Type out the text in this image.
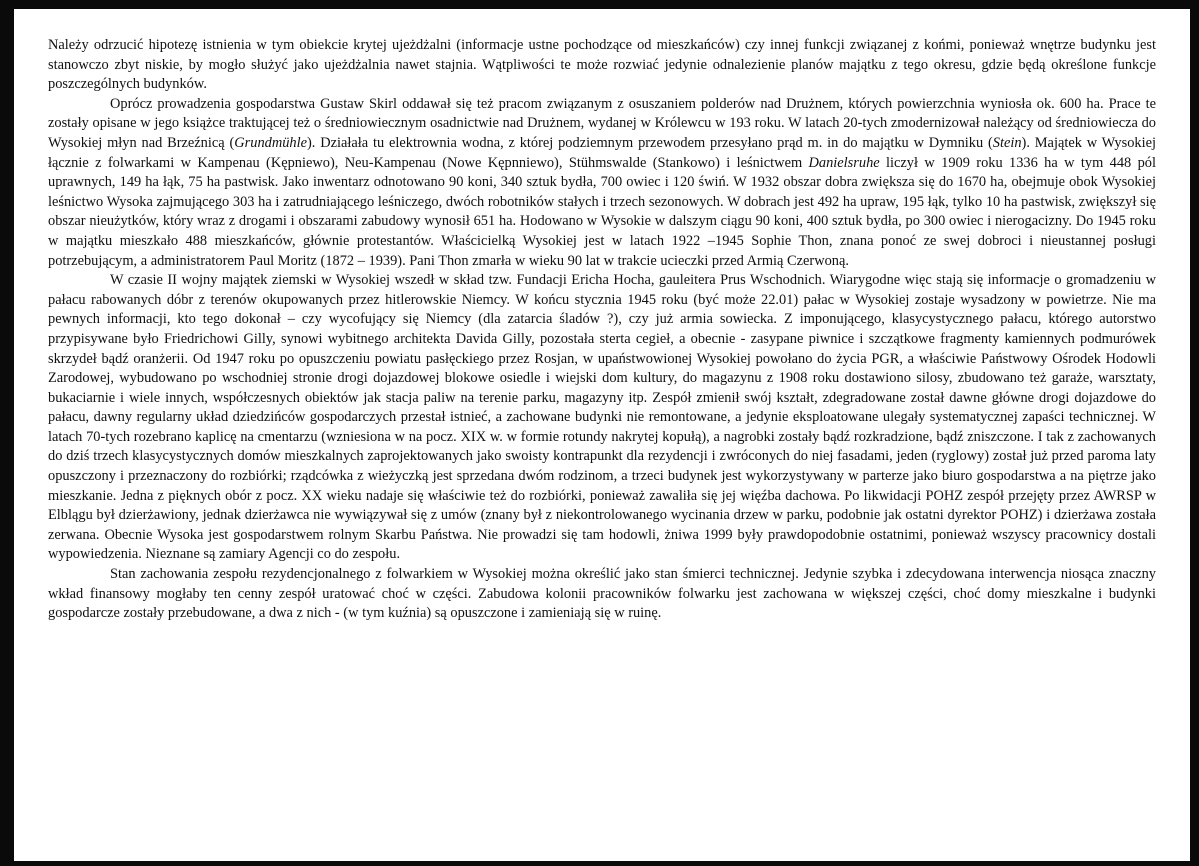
Należy odrzucić hipotezę istnienia w tym obiekcie krytej ujeżdżalni (informacje ustne pochodzące od mieszkańców) czy innej funkcji związanej z końmi, ponieważ wnętrze budynku jest stanowczo zbyt niskie, by mogło służyć jako ujeżdżalnia nawet stajnia. Wątpliwości te może rozwiać jedynie odnalezienie planów majątku z tego okresu, gdzie będą określone funkcje poszczególnych budynków.

Oprócz prowadzenia gospodarstwa Gustaw Skirl oddawał się też pracom związanym z osuszaniem polderów nad Drużnem, których powierzchnia wyniosła ok. 600 ha. Prace te zostały opisane w jego książce traktującej też o średniowiecznym osadnictwie nad Drużnem, wydanej w Królewcu w 193 roku. W latach 20-tych zmodernizował należący od średniowiecza do Wysokiej młyn nad Brzeźnicą (Grundmühle). Działała tu elektrownia wodna, z której podziemnym przewodem przesyłano prąd m. in do majątku w Dymniku (Stein). Majątek w Wysokiej łącznie z folwarkami w Kampenau (Kępniewo), Neu-Kampenau (Nowe Kępnniewo), Stühmswalde (Stankowo) i leśnictwem Danielsruhe liczył w 1909 roku 1336 ha w tym 448 pól uprawnych, 149 ha łąk, 75 ha pastwisk. Jako inwentarz odnotowano 90 koni, 340 sztuk bydła, 700 owiec i 120 świń. W 1932 obszar dobra zwiększa się do 1670 ha, obejmuje obok Wysokiej leśnictwo Wysoka zajmującego 303 ha i zatrudniającego leśniczego, dwóch robotników stałych i trzech sezonowych. W dobrach jest 492 ha upraw, 195 łąk, tylko 10 ha pastwisk, zwiększył się obszar nieużytków, który wraz z drogami i obszarami zabudowy wynosił 651 ha. Hodowano w Wysokie w dalszym ciągu 90 koni, 400 sztuk bydła, po 300 owiec i nierogacizny. Do 1945 roku w majątku mieszkało 488 mieszkańców, głównie protestantów. Właścicielką Wysokiej jest w latach 1922 –1945 Sophie Thon, znana ponoć ze swej dobroci i nieustannej posługi potrzebującym, a administratorem Paul Moritz (1872 – 1939). Pani Thon zmarła w wieku 90 lat w trakcie ucieczki przed Armią Czerwoną.

W czasie II wojny majątek ziemski w Wysokiej wszedł w skład tzw. Fundacji Ericha Hocha, gauleitera Prus Wschodnich. Wiarygodne więc stają się informacje o gromadzeniu w pałacu rabowanych dóbr z terenów okupowanych przez hitlerowskie Niemcy. W końcu stycznia 1945 roku (być może 22.01) pałac w Wysokiej zostaje wysadzony w powietrze. Nie ma pewnych informacji, kto tego dokonał – czy wycofujący się Niemcy (dla zatarcia śladów ?), czy już armia sowiecka. Z imponującego, klasycystycznego pałacu, którego autorstwo przypisywane było Friedrichowi Gilly, synowi wybitnego architekta Davida Gilly, pozostała sterta cegieł, a obecnie - zasypane piwnice i szczątkowe fragmenty kamiennych podmurówek skrzydeł bądź oranżerii. Od 1947 roku po opuszczeniu powiatu pasłęckiego przez Rosjan, w upaństwowionej Wysokiej powołano do życia PGR, a właściwie Państwowy Ośrodek Hodowli Zarodowej, wybudowano po wschodniej stronie drogi dojazdowej blokowe osiedle i wiejski dom kultury, do magazynu z 1908 roku dostawiono silosy, zbudowano też garaże, warsztaty, bukaciarnie i wiele innych, współczesnych obiektów jak stacja paliw na terenie parku, magazyny itp. Zespół zmienił swój kształt, zdegradowane został dawne główne drogi dojazdowe do pałacu, dawny regularny układ dziedzińców gospodarczych przestał istnieć, a zachowane budynki nie remontowane, a jedynie eksploatowane ulegały systematycznej zapaści technicznej. W latach 70-tych rozebrano kaplicę na cmentarzu (wzniesiona w na pocz. XIX w. w formie rotundy nakrytej kopułą), a nagrobki zostały bądź rozkradzione, bądź zniszczone. I tak z zachowanych do dziś trzech klasycystycznych domów mieszkalnych zaprojektowanych jako swoisty kontrapunkt dla rezydencji i zwróconych do niej fasadami, jeden (ryglowy) został już przed paroma laty opuszczony i przeznaczony do rozbiórki; rządcówka z wieżyczką jest sprzedana dwóm rodzinom, a trzeci budynek jest wykorzystywany w parterze jako biuro gospodarstwa a na piętrze jako mieszkanie. Jedna z pięknych obór z pocz. XX wieku nadaje się właściwie też do rozbiórki, ponieważ zawaliła się jej więźba dachowa. Po likwidacji POHZ zespół przejęty przez AWRSP w Elblągu był dzierżawiony, jednak dzierżawca nie wywiązywał się z umów (znany był z niekontrolowanego wycinania drzew w parku, podobnie jak ostatni dyrektor POHZ) i dzierżawa została zerwana. Obecnie Wysoka jest gospodarstwem rolnym Skarbu Państwa. Nie prowadzi się tam hodowli, żniwa 1999 były prawdopodobnie ostatnimi, ponieważ wszyscy pracownicy dostali wypowiedzenia. Nieznane są zamiary Agencji co do zespołu.

Stan zachowania zespołu rezydencjonalnego z folwarkiem w Wysokiej można określić jako stan śmierci technicznej. Jedynie szybka i zdecydowana interwencja niosąca znaczny wkład finansowy mogłaby ten cenny zespół uratować choć w części. Zabudowa kolonii pracowników folwarku jest zachowana w większej części, choć domy mieszkalne i budynki gospodarcze zostały przebudowane, a dwa z nich - (w tym kuźnia) są opuszczone i zamieniają się w ruinę.
